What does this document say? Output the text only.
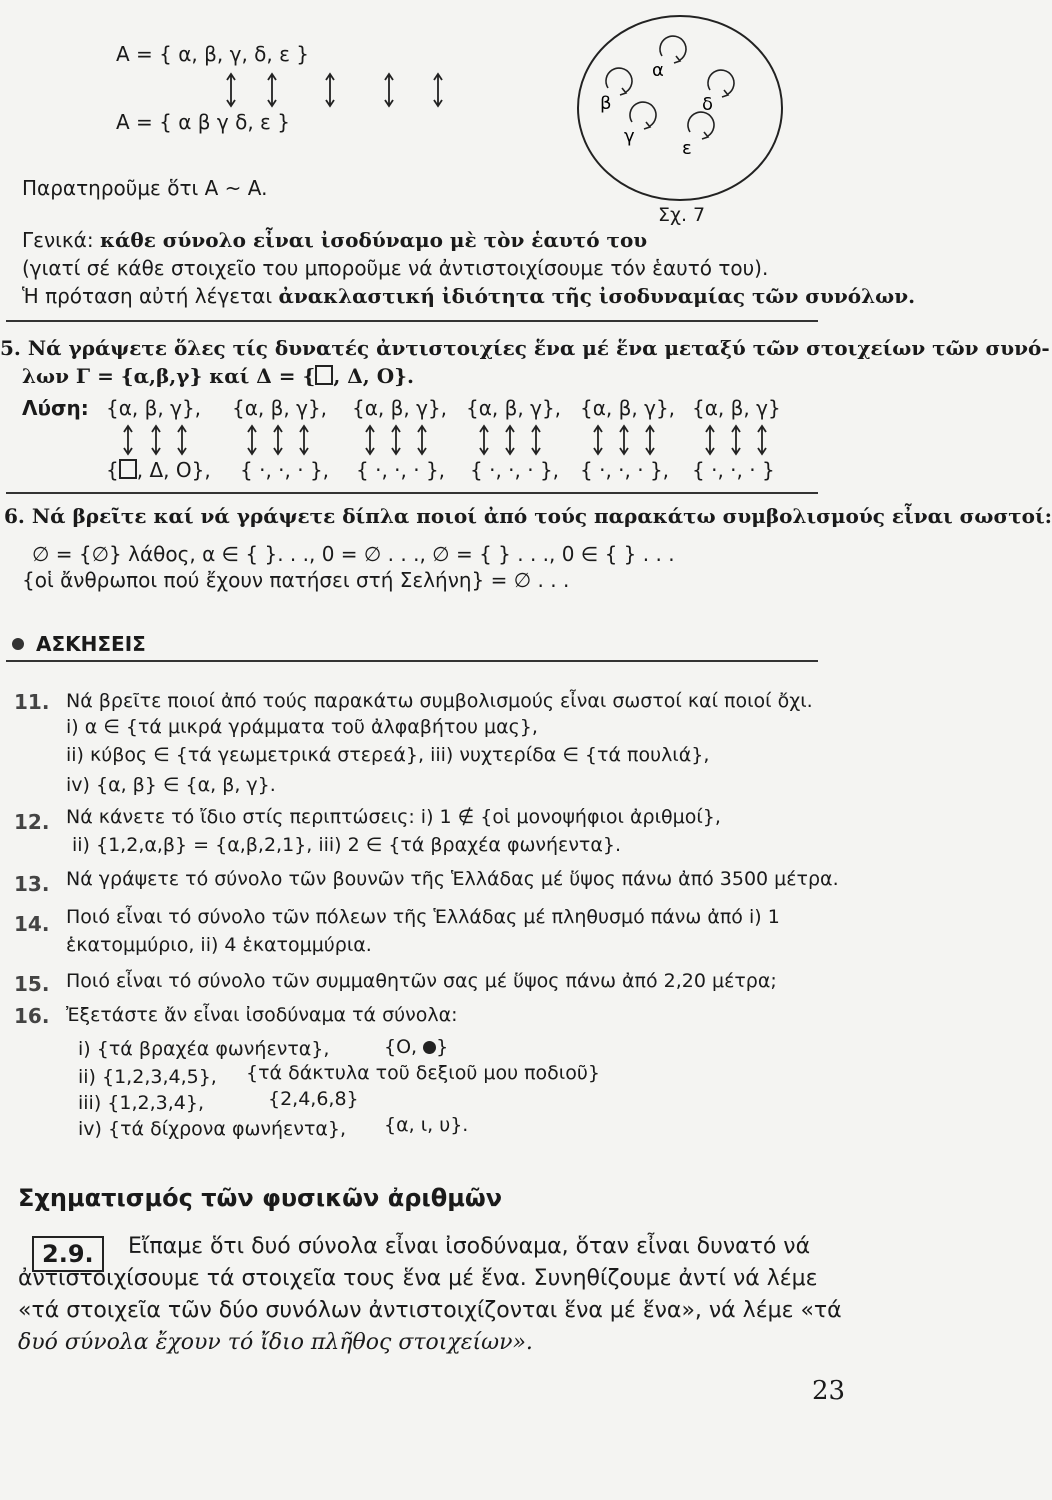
A = { α, β, γ, δ, ε }
A = { α β γ δ, ε }
α
β	δ
γ
ε
Σχ. 7
Παρατηροῦμε ὅτι A ~ A.
Γενικά: κάθε σύνολο εἶναι ἰσοδύναμο μὲ τὸν ἑαυτό του
(γιατί σέ κάθε στοιχεῖο του μποροῦμε νά ἀντιστοιχίσουμε τόν ἑαυτό του).
Ἡ πρόταση αὐτή λέγεται ἀνακλαστική ἰδιότητα τῆς ἰσοδυναμίας τῶν συνόλων.
5. Νά γράψετε ὅλες τίς δυνατές ἀντιστοιχίες ἕνα μέ ἕνα μεταξύ τῶν στοιχείων τῶν συνό-
λων Γ = {α,β,γ} καί Δ = { , Δ, O}.
Λύση: {α, β, γ}, {α, β, γ}, {α, β, γ}, {α, β, γ}, {α, β, γ}, {α, β, γ}
{ , Δ, O}, { ·, ·, · }, { ·, ·, · }, { ·, ·, · }, { ·, ·, · }, { ·, ·, · }
6. Νά βρεῖτε καί νά γράψετε δίπλα ποιοί ἀπό τούς παρακάτω συμβολισμούς εἶναι σωστοί:
∅ = {∅} λάθος, α ∈ { }. . ., 0 = ∅ . . ., ∅ = { } . . ., 0 ∈ { } . . .
{οἱ ἄνθρωποι πού ἔχουν πατήσει στή Σελήνη} = ∅ . . .
ΑΣΚΗΣΕΙΣ
11. Νά βρεῖτε ποιοί ἀπό τούς παρακάτω συμβολισμούς εἶναι σωστοί καί ποιοί ὄχι.
i) α ∈ {τά μικρά γράμματα τοῦ ἀλφαβήτου μας},
ii) κύβος ∈ {τά γεωμετρικά στερεά}, iii) νυχτερίδα ∈ {τά πουλιά},
iv) {α, β} ∈ {α, β, γ}.
12. Νά κάνετε τό ἴδιο στίς περιπτώσεις: i) 1 ∉ {οἱ μονοψήφιοι ἀριθμοί},
ii) {1,2,α,β} = {α,β,2,1}, iii) 2 ∈ {τά βραχέα φωνήεντα}.
13. Νά γράψετε τό σύνολο τῶν βουνῶν τῆς Ἑλλάδας μέ ὕψος πάνω ἀπό 3500 μέτρα.
14. Ποιό εἶναι τό σύνολο τῶν πόλεων τῆς Ἑλλάδας μέ πληθυσμό πάνω ἀπό i) 1
ἑκατομμύριο, ii) 4 ἑκατομμύρια.
15. Ποιό εἶναι τό σύνολο τῶν συμμαθητῶν σας μέ ὕψος πάνω ἀπό 2,20 μέτρα;
16. Ἐξετάστε ἄν εἶναι ἰσοδύναμα τά σύνολα:
i) {τά βραχέα φωνήεντα},	{O, }
ii) {1,2,3,4,5}, {τά δάκτυλα τοῦ δεξιοῦ μου ποδιοῦ}
iii) {1,2,3,4},	{2,4,6,8}
iv) {τά δίχρονα φωνήεντα}, {α, ι, υ}.
Σχηματισμός τῶν φυσικῶν ἀριθμῶν
2.9.	Εἴπαμε ὅτι δυό σύνολα εἶναι ἰσοδύναμα, ὅταν εἶναι δυνατό νά
ἀντιστοιχίσουμε τά στοιχεῖα τους ἕνα μέ ἕνα. Συνηθίζουμε ἀντί νά λέμε
«τά στοιχεῖα τῶν δύο συνόλων ἀντιστοιχίζονται ἕνα μέ ἕνα», νά λέμε «τά
δυό σύνολα ἔχουν τό ἴδιο πλῆθος στοιχείων».
23
